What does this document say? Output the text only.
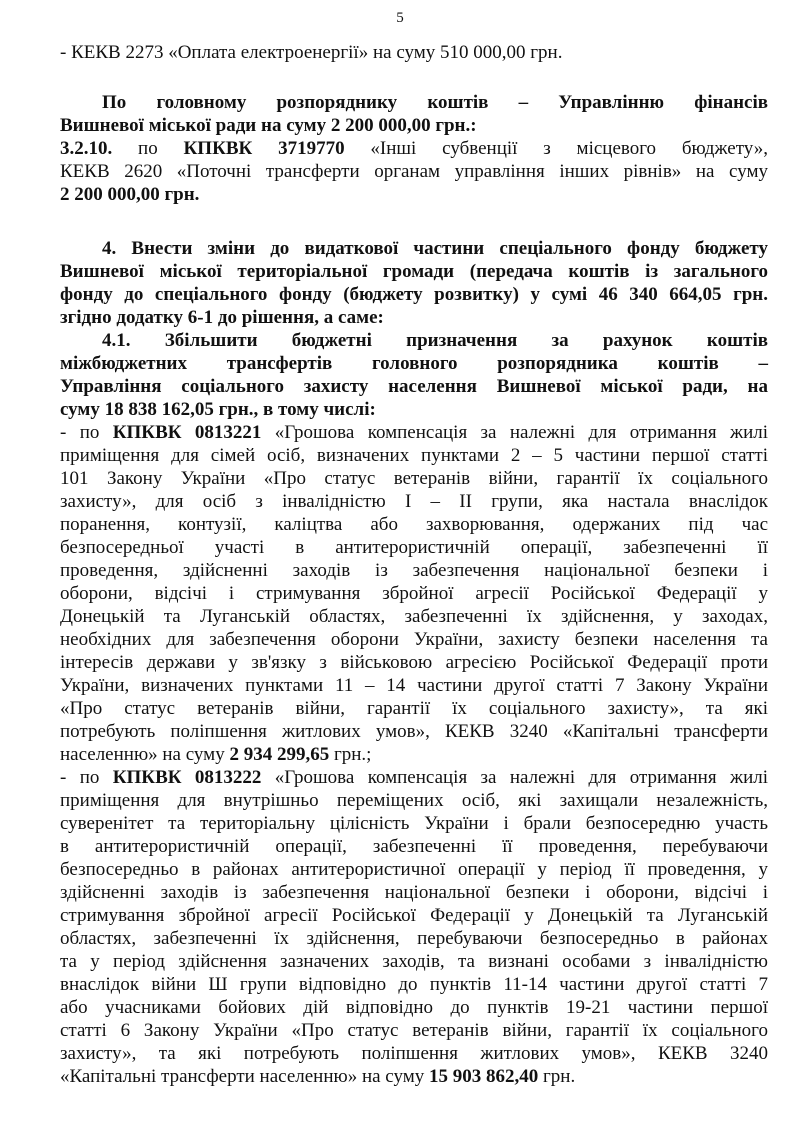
5
- КЕКВ 2273 «Оплата електроенергії» на суму 510 000,00 грн.
По головному розпоряднику коштів – Управлінню фінансів
Вишневої міської ради на суму 2 200 000,00 грн.:
3.2.10. по КПКВК 3719770 «Інші субвенції з місцевого бюджету»,
КЕКВ 2620 «Поточні трансферти органам управління інших рівнів» на суму
2 200 000,00 грн.
4. Внести зміни до видаткової частини спеціального фонду бюджету
Вишневої міської територіальної громади (передача коштів із загального
фонду до спеціального фонду (бюджету розвитку) у сумі 46 340 664,05 грн.
згідно додатку 6-1 до рішення, а саме:
4.1. Збільшити бюджетні призначення за рахунок коштів
міжбюджетних трансфертів головного розпорядника коштів –
Управління соціального захисту населення Вишневої міської ради, на
суму 18 838 162,05 грн., в тому числі:
- по КПКВК 0813221 «Грошова компенсація за належні для отримання жилі
приміщення для сімей осіб, визначених пунктами 2 – 5 частини першої статті
101 Закону України «Про статус ветеранів війни, гарантії їх соціального
захисту», для осіб з інвалідністю І – ІІ групи, яка настала внаслідок
поранення, контузії, каліцтва або захворювання, одержаних під час
безпосередньої участі в антитерористичній операції, забезпеченні її
проведення, здійсненні заходів із забезпечення національної безпеки і
оборони, відсічі і стримування збройної агресії Російської Федерації у
Донецькій та Луганській областях, забезпеченні їх здійснення, у заходах,
необхідних для забезпечення оборони України, захисту безпеки населення та
інтересів держави у зв'язку з військовою агресією Російської Федерації проти
України, визначених пунктами 11 – 14 частини другої статті 7 Закону України
«Про статус ветеранів війни, гарантії їх соціального захисту», та які
потребують поліпшення житлових умов», КЕКВ 3240 «Капітальні трансферти
населенню» на суму 2 934 299,65 грн.;
- по КПКВК 0813222 «Грошова компенсація за належні для отримання жилі
приміщення для внутрішньо переміщених осіб, які захищали незалежність,
суверенітет та територіальну цілісність України і брали безпосередню участь
в антитерористичній операції, забезпеченні її проведення, перебуваючи
безпосередньо в районах антитерористичної операції у період її проведення, у
здійсненні заходів із забезпечення національної безпеки і оборони, відсічі і
стримування збройної агресії Російської Федерації у Донецькій та Луганській
областях, забезпеченні їх здійснення, перебуваючи безпосередньо в районах
та у період здійснення зазначених заходів, та визнані особами з інвалідністю
внаслідок війни Ш групи відповідно до пунктів 11-14 частини другої статті 7
або учасниками бойових дій відповідно до пунктів 19-21 частини першої
статті 6 Закону України «Про статус ветеранів війни, гарантії їх соціального
захисту», та які потребують поліпшення житлових умов», КЕКВ 3240
«Капітальні трансферти населенню» на суму 15 903 862,40 грн.
